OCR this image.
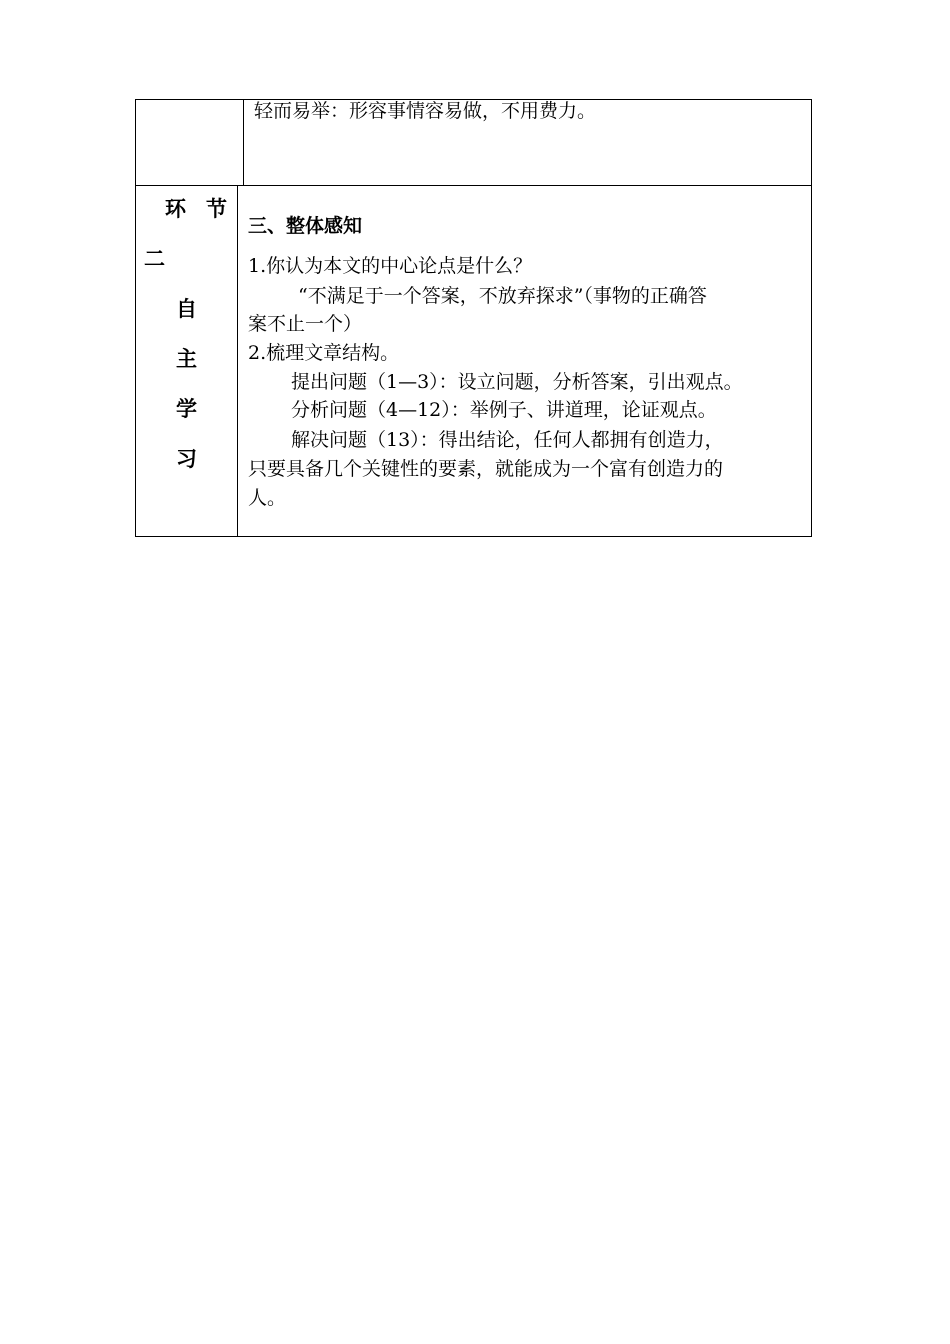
轻而易举：形容事情容易做，不用费力。
环 节
二
自
主
学
习
三、整体感知
1.你认为本文的中心论点是什么？
“不满足于一个答案，不放弃探求”（事物的正确答
案不止一个）
2.梳理文章结构。
提出问题（1—3）：设立问题，分析答案，引出观点。
分析问题（4—12）：举例子、讲道理，论证观点。
解决问题（13）：得出结论，任何人都拥有创造力，
只要具备几个关键性的要素，就能成为一个富有创造力的
人。
